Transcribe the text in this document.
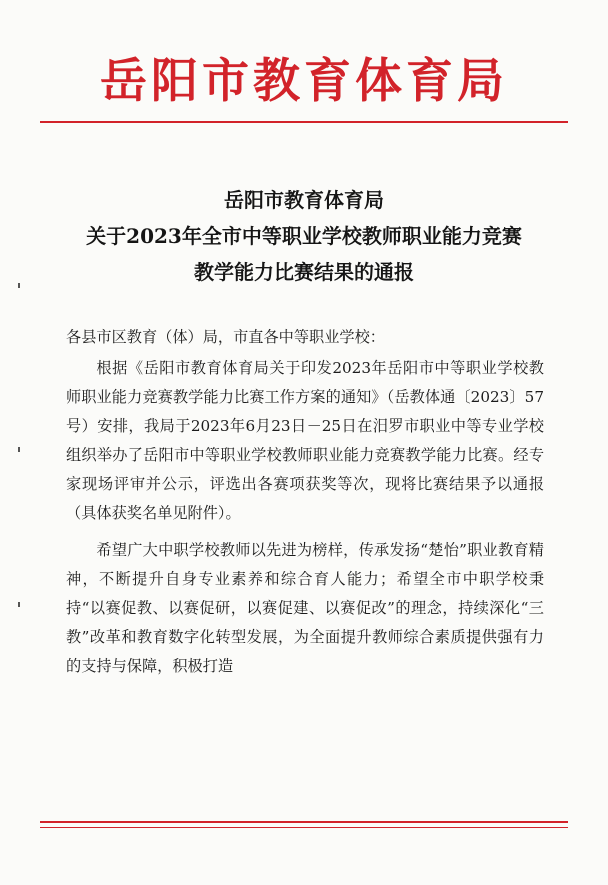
岳阳市教育体育局
岳阳市教育体育局
关于2023年全市中等职业学校教师职业能力竞赛
教学能力比赛结果的通报

各县市区教育（体）局，市直各中等职业学校：

根据《岳阳市教育体育局关于印发2023年岳阳市中等职业学校教师职业能力竞赛教学能力比赛工作方案的通知》（岳教体通〔2023〕57号）安排，我局于2023年6月23日－25日在汨罗市职业中等专业学校组织举办了岳阳市中等职业学校教师职业能力竞赛教学能力比赛。经专家现场评审并公示，评选出各赛项获奖等次，现将比赛结果予以通报（具体获奖名单见附件）。

希望广大中职学校教师以先进为榜样，传承发扬“楚怡”职业教育精神，不断提升自身专业素养和综合育人能力；希望全市中职学校秉持“以赛促教、以赛促研，以赛促建、以赛促改”的理念，持续深化“三教”改革和教育数字化转型发展，为全面提升教师综合素质提供强有力的支持与保障，积极打造
